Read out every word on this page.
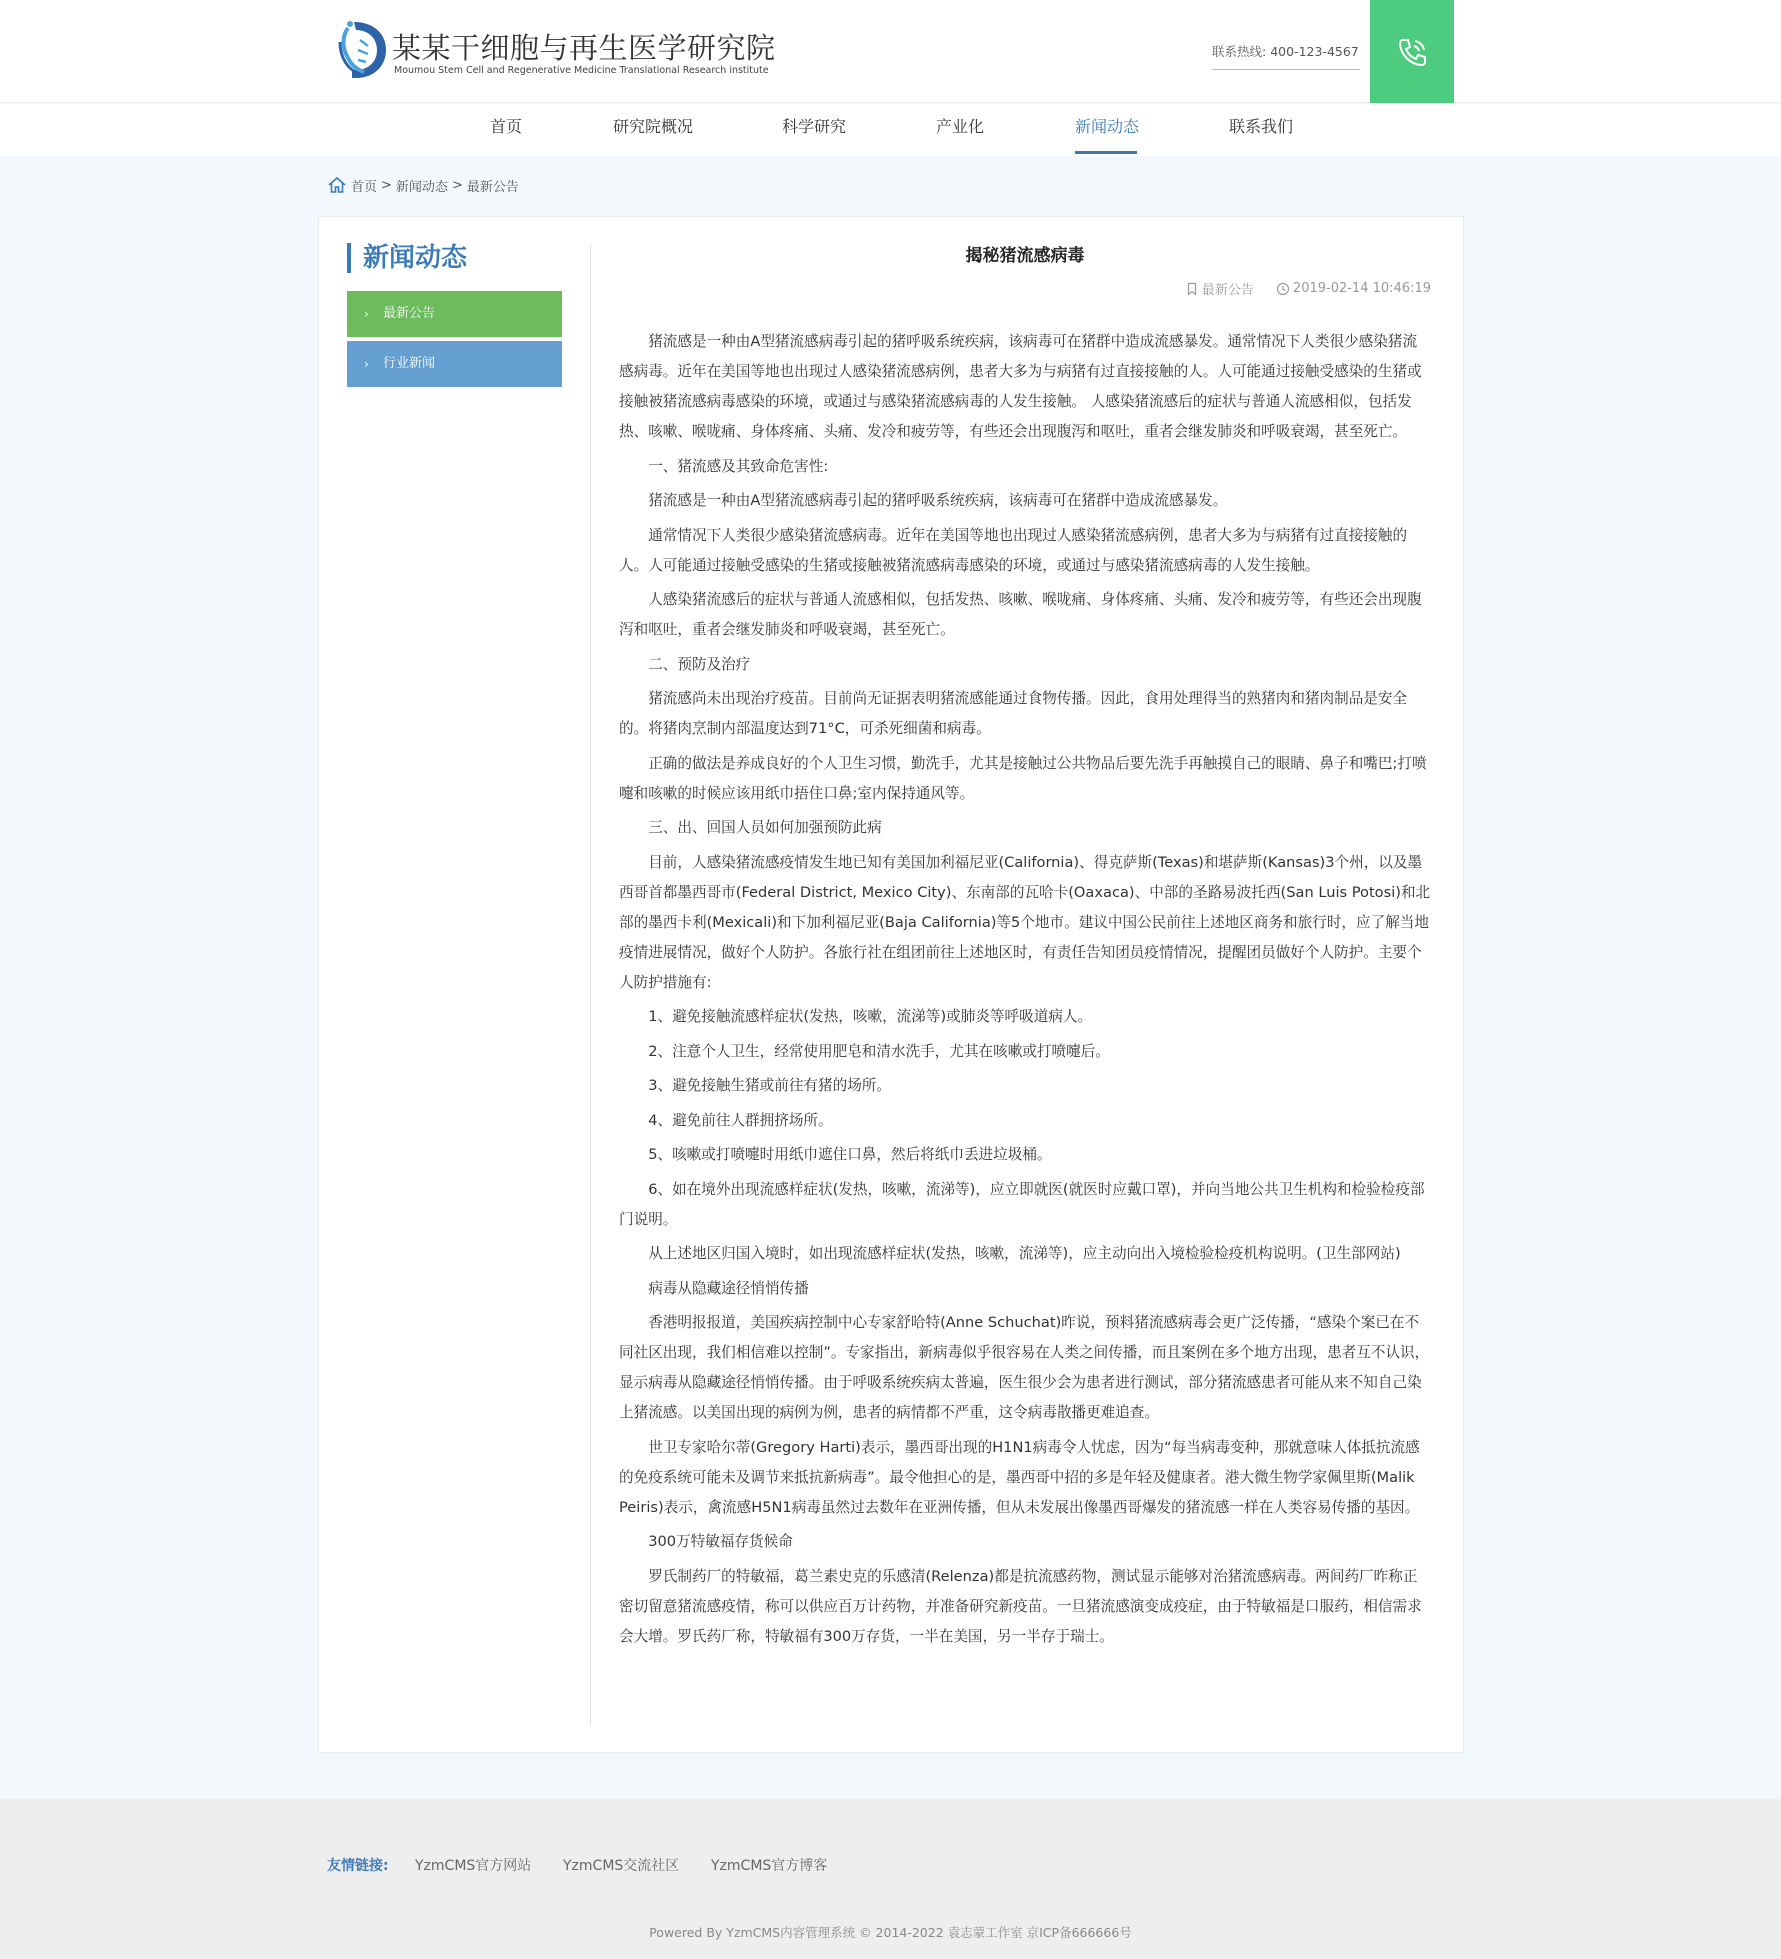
某某干细胞与再生医学研究院
Moumou Stem Cell and Regenerative Medicine Translational Research institute
联系热线: 400-123-4567
首页	研究院概况	科学研究	产业化	新闻动态	联系我们
首页 > 新闻动态 > 最新公告
新闻动态
› 最新公告
› 行业新闻
揭秘猪流感病毒
最新公告	2019-02-14 10:46:19

猪流感是一种由A型猪流感病毒引起的猪呼吸系统疾病，该病毒可在猪群中造成流感暴发。通常情况下人类很少感染猪流感病毒。近年在美国等地也出现过人感染猪流感病例，患者大多为与病猪有过直接接触的人。人可能通过接触受感染的生猪或接触被猪流感病毒感染的环境，或通过与感染猪流感病毒的人发生接触。 人感染猪流感后的症状与普通人流感相似，包括发热、咳嗽、喉咙痛、身体疼痛、头痛、发冷和疲劳等，有些还会出现腹泻和呕吐，重者会继发肺炎和呼吸衰竭，甚至死亡。

一、猪流感及其致命危害性:

猪流感是一种由A型猪流感病毒引起的猪呼吸系统疾病，该病毒可在猪群中造成流感暴发。

通常情况下人类很少感染猪流感病毒。近年在美国等地也出现过人感染猪流感病例，患者大多为与病猪有过直接接触的人。人可能通过接触受感染的生猪或接触被猪流感病毒感染的环境，或通过与感染猪流感病毒的人发生接触。

人感染猪流感后的症状与普通人流感相似，包括发热、咳嗽、喉咙痛、身体疼痛、头痛、发冷和疲劳等，有些还会出现腹泻和呕吐，重者会继发肺炎和呼吸衰竭，甚至死亡。

二、预防及治疗

猪流感尚未出现治疗疫苗。目前尚无证据表明猪流感能通过食物传播。因此，食用处理得当的熟猪肉和猪肉制品是安全的。将猪肉烹制内部温度达到71°C，可杀死细菌和病毒。

正确的做法是养成良好的个人卫生习惯，勤洗手，尤其是接触过公共物品后要先洗手再触摸自己的眼睛、鼻子和嘴巴;打喷嚏和咳嗽的时候应该用纸巾捂住口鼻;室内保持通风等。

三、出、回国人员如何加强预防此病

目前，人感染猪流感疫情发生地已知有美国加利福尼亚(California)、得克萨斯(Texas)和堪萨斯(Kansas)3个州，以及墨西哥首都墨西哥市(Federal District, Mexico City)、东南部的瓦哈卡(Oaxaca)、中部的圣路易波托西(San Luis Potosi)和北部的墨西卡利(Mexicali)和下加利福尼亚(Baja California)等5个地市。建议中国公民前往上述地区商务和旅行时，应了解当地疫情进展情况，做好个人防护。各旅行社在组团前往上述地区时，有责任告知团员疫情情况，提醒团员做好个人防护。主要个人防护措施有:

1、避免接触流感样症状(发热，咳嗽，流涕等)或肺炎等呼吸道病人。

2、注意个人卫生，经常使用肥皂和清水洗手，尤其在咳嗽或打喷嚏后。

3、避免接触生猪或前往有猪的场所。

4、避免前往人群拥挤场所。

5、咳嗽或打喷嚏时用纸巾遮住口鼻，然后将纸巾丢进垃圾桶。

6、如在境外出现流感样症状(发热，咳嗽，流涕等)，应立即就医(就医时应戴口罩)，并向当地公共卫生机构和检验检疫部门说明。

从上述地区归国入境时，如出现流感样症状(发热，咳嗽，流涕等)，应主动向出入境检验检疫机构说明。(卫生部网站)

病毒从隐藏途径悄悄传播

香港明报报道，美国疾病控制中心专家舒哈特(Anne Schuchat)昨说，预料猪流感病毒会更广泛传播，“感染个案已在不同社区出现，我们相信难以控制”。专家指出，新病毒似乎很容易在人类之间传播，而且案例在多个地方出现，患者互不认识，显示病毒从隐藏途径悄悄传播。由于呼吸系统疾病太普遍，医生很少会为患者进行测试，部分猪流感患者可能从来不知自己染上猪流感。以美国出现的病例为例，患者的病情都不严重，这令病毒散播更难追查。

世卫专家哈尔蒂(Gregory Harti)表示，墨西哥出现的H1N1病毒令人忧虑，因为“每当病毒变种，那就意味人体抵抗流感的免疫系统可能未及调节来抵抗新病毒”。最令他担心的是，墨西哥中招的多是年轻及健康者。港大微生物学家佩里斯(Malik Peiris)表示，禽流感H5N1病毒虽然过去数年在亚洲传播，但从未发展出像墨西哥爆发的猪流感一样在人类容易传播的基因。

300万特敏福存货候命

罗氏制药厂的特敏福，葛兰素史克的乐感清(Relenza)都是抗流感药物，测试显示能够对治猪流感病毒。两间药厂昨称正密切留意猪流感疫情，称可以供应百万计药物，并准备研究新疫苗。一旦猪流感演变成疫症，由于特敏福是口服药，相信需求会大增。罗氏药厂称，特敏福有300万存货，一半在美国，另一半存于瑞士。

友情链接: YzmCMS官方网站 YzmCMS交流社区 YzmCMS官方博客
Powered By YzmCMS内容管理系统 © 2014-2022 袁志蒙工作室 京ICP备666666号
